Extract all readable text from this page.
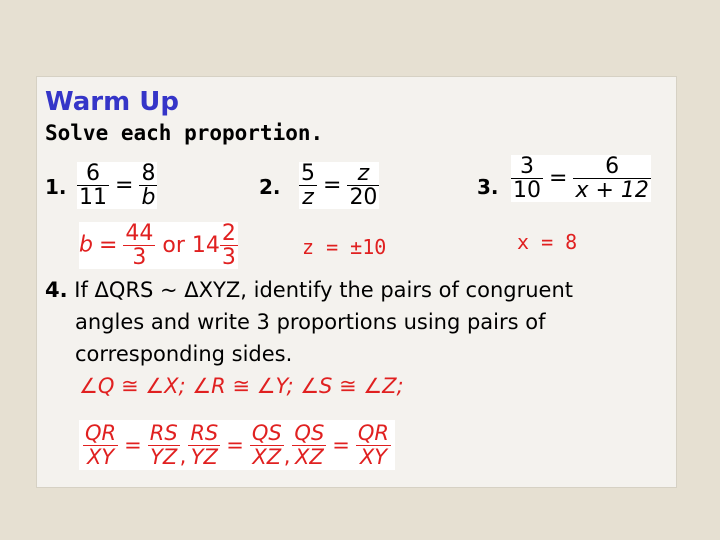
Warm Up
Solve each proportion.
1. $\frac{6}{11} = \frac{8}{b}$
$b = \frac{44}{3}$ or $14 \frac{2}{3}$
2. $\frac{5}{z} = \frac{z}{20}$
z = ±10
3. $\frac{3}{10} = \frac{6}{x + 12}$
x = 8
4. If ΔQRS ~ ΔXYZ, identify the pairs of congruent
angles and write 3 proportions using pairs of
corresponding sides.
∠Q ≅ ∠X; ∠R ≅ ∠Y; ∠S ≅ ∠Z;
$\frac{QR}{XY} = \frac{RS}{YZ}$ , $\frac{RS}{YZ} = \frac{QS}{XZ}$ , $\frac{QS}{XZ} = \frac{QR}{XY}$
